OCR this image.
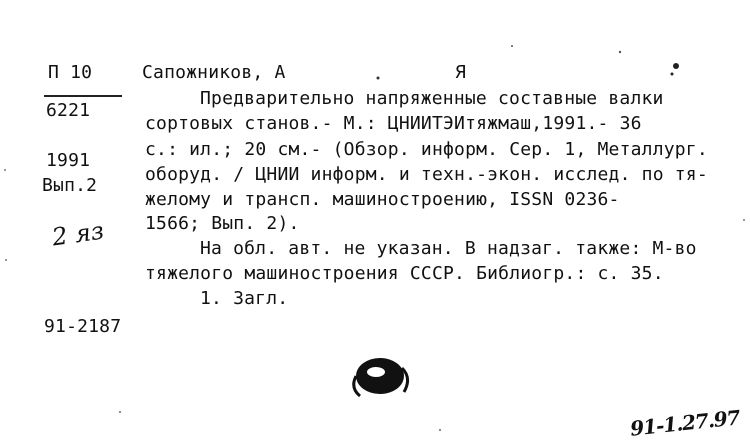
П 10
6221
1991
Вып.2
2 яз
91-2187
Сапожников, А	Я
Предварительно напряженные составные валки
сортовых станов.- М.: ЦНИИТЭИтяжмаш,1991.- 36
с.: ил.; 20 см.- (Обзор. информ. Сер. 1, Металлург.
оборуд. / ЦНИИ информ. и техн.-экон. исслед. по тя-
желому и трансп. машиностроению, ISSN 0236-
1566; Вып. 2).
На обл. авт. не указан. В надзаг. также: М-во
тяжелого машиностроения СССР. Библиогр.: с. 35.
1. Загл.
91-1.27.97
